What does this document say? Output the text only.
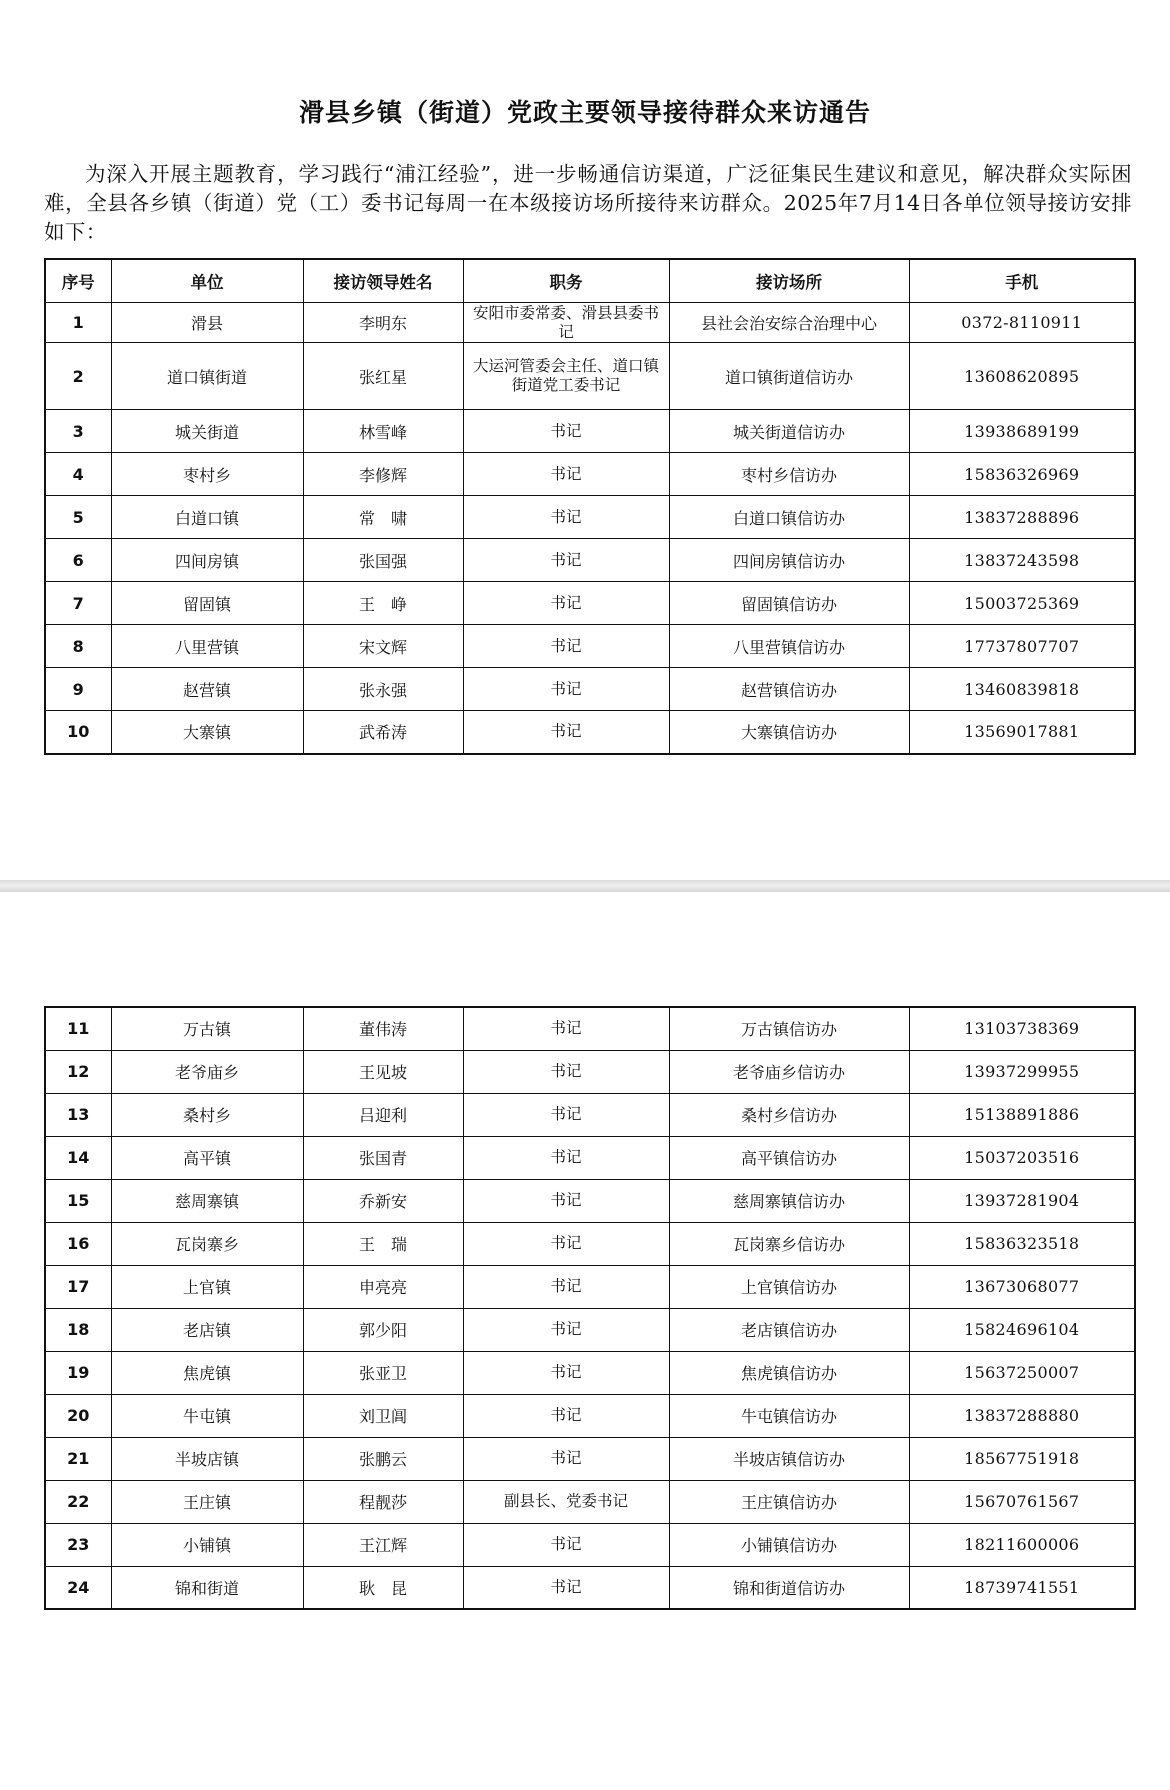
滑县乡镇（街道）党政主要领导接待群众来访通告
为深入开展主题教育，学习践行“浦江经验”，进一步畅通信访渠道，广泛征集民生建议和意见，解决群众实际困难，全县各乡镇（街道）党（工）委书记每周一在本级接访场所接待来访群众。2025年7月14日各单位领导接访安排如下：
序号	单位	接访领导姓名	职务	接访场所	手机
1	滑县	李明东	安阳市委常委、滑县县委书记	县社会治安综合治理中心	0372-8110911
2	道口镇街道	张红星	大运河管委会主任、道口镇街道党工委书记	道口镇街道信访办	13608620895
3	城关街道	林雪峰	书记	城关街道信访办	13938689199
4	枣村乡	李修辉	书记	枣村乡信访办	15836326969
5	白道口镇	常　啸	书记	白道口镇信访办	13837288896
6	四间房镇	张国强	书记	四间房镇信访办	13837243598
7	留固镇	王　峥	书记	留固镇信访办	15003725369
8	八里营镇	宋文辉	书记	八里营镇信访办	17737807707
9	赵营镇	张永强	书记	赵营镇信访办	13460839818
10	大寨镇	武希涛	书记	大寨镇信访办	13569017881
11	万古镇	董伟涛	书记	万古镇信访办	13103738369
12	老爷庙乡	王见坡	书记	老爷庙乡信访办	13937299955
13	桑村乡	吕迎利	书记	桑村乡信访办	15138891886
14	高平镇	张国青	书记	高平镇信访办	15037203516
15	慈周寨镇	乔新安	书记	慈周寨镇信访办	13937281904
16	瓦岗寨乡	王　瑞	书记	瓦岗寨乡信访办	15836323518
17	上官镇	申亮亮	书记	上官镇信访办	13673068077
18	老店镇	郭少阳	书记	老店镇信访办	15824696104
19	焦虎镇	张亚卫	书记	焦虎镇信访办	15637250007
20	牛屯镇	刘卫阊	书记	牛屯镇信访办	13837288880
21	半坡店镇	张鹏云	书记	半坡店镇信访办	18567751918
22	王庄镇	程靓莎	副县长、党委书记	王庄镇信访办	15670761567
23	小铺镇	王江辉	书记	小铺镇信访办	18211600006
24	锦和街道	耿　昆	书记	锦和街道信访办	18739741551
